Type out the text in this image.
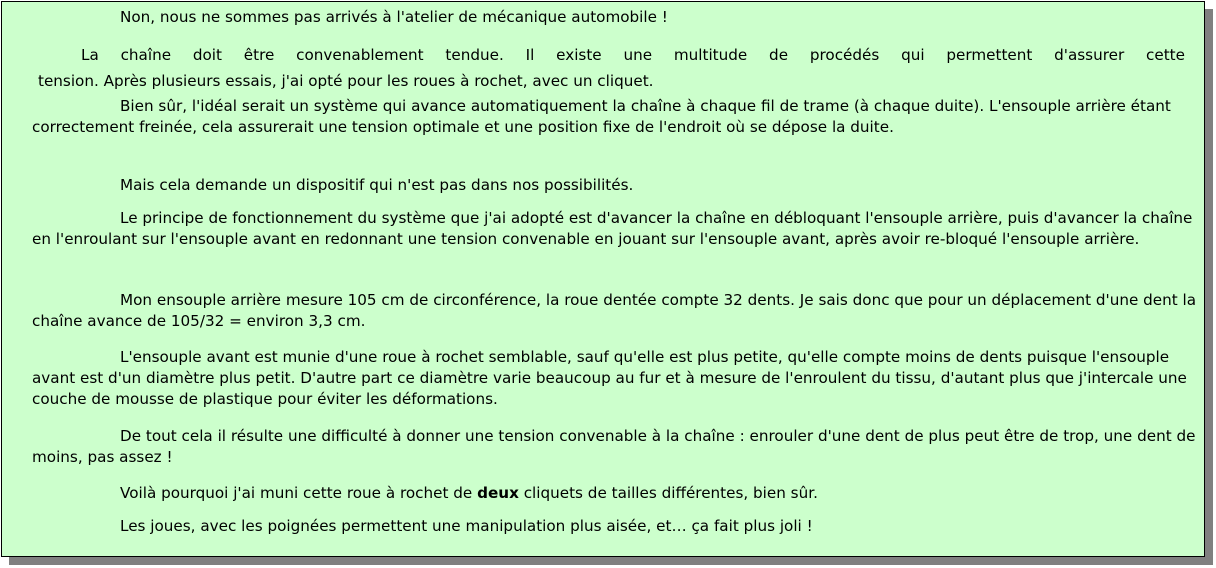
Non, nous ne sommes pas arrivés à l'atelier de mécanique automobile !

La chaîne doit être convenablement tendue. Il existe une multitude de procédés qui permettent d'assurer cette

tension. Après plusieurs essais, j'ai opté pour les roues à rochet, avec un cliquet.

Bien sûr, l'idéal serait un système qui avance automatiquement la chaîne à chaque fil de trame (à chaque duite). L'ensouple arrière étant correctement freinée, cela assurerait une tension optimale et une position fixe de l'endroit où se dépose la duite.

Mais cela demande un dispositif qui n'est pas dans nos possibilités.

Le principe de fonctionnement du système que j'ai adopté est d'avancer la chaîne en débloquant l'ensouple arrière, puis d'avancer la chaîne en l'enroulant sur l'ensouple avant en redonnant une tension convenable en jouant sur l'ensouple avant, après avoir re-bloqué l'ensouple arrière.

Mon ensouple arrière mesure 105 cm de circonférence, la roue dentée compte 32 dents. Je sais donc que pour un déplacement d'une dent la chaîne avance de 105/32 = environ 3,3 cm.

L'ensouple avant est munie d'une roue à rochet semblable, sauf qu'elle est plus petite, qu'elle compte moins de dents puisque l'ensouple avant est d'un diamètre plus petit. D'autre part ce diamètre varie beaucoup au fur et à mesure de l'enroulent du tissu, d'autant plus que j'intercale une couche de mousse de plastique pour éviter les déformations.

De tout cela il résulte une difficulté à donner une tension convenable à la chaîne : enrouler d'une dent de plus peut être de trop, une dent de moins, pas assez !

Voilà pourquoi j'ai muni cette roue à rochet de deux cliquets de tailles différentes, bien sûr.

Les joues, avec les poignées permettent une manipulation plus aisée, et… ça fait plus joli !
